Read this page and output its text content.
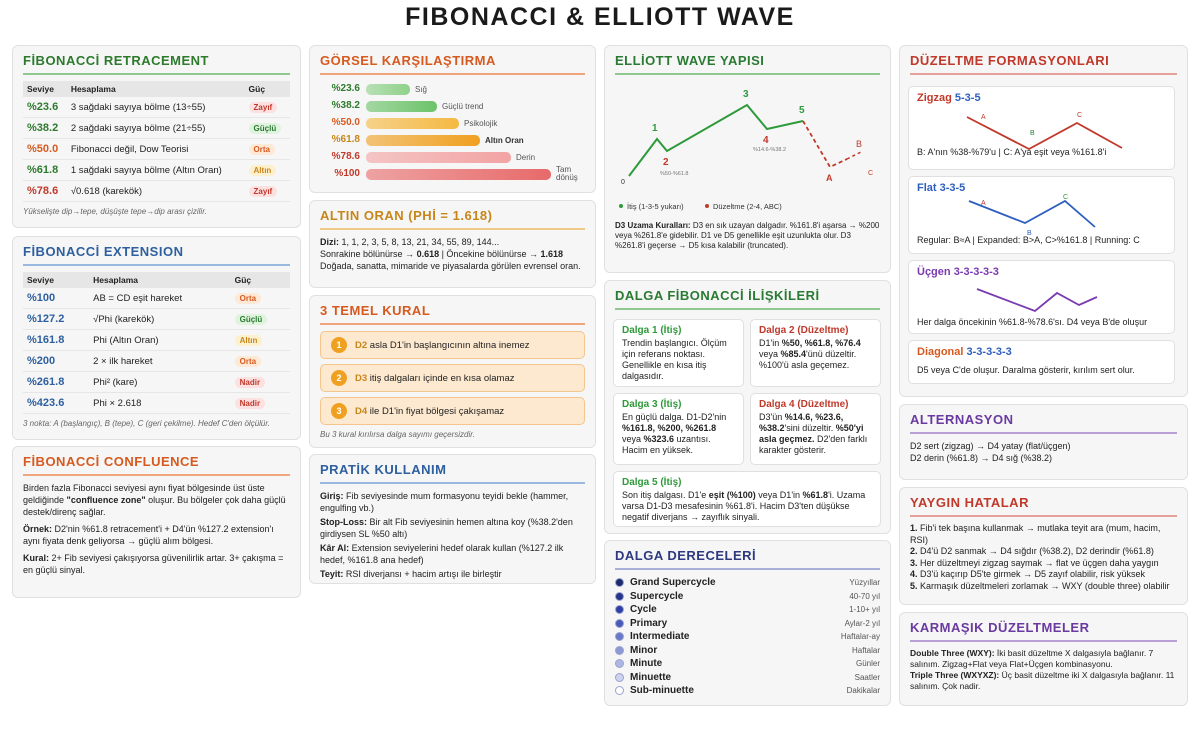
FIBONACCI & ELLIOTT WAVE
FİBONACCİ RETRACEMENT
Seviye	Hesaplama	Güç
%23.6	3 sağdaki sayıya bölme (13÷55)	Zayıf
%38.2	2 sağdaki sayıya bölme (21÷55)	Güçlü
%50.0	Fibonacci değil, Dow Teorisi	Orta
%61.8	1 sağdaki sayıya bölme (Altın Oran)	Altın
%78.6	√0.618 (karekök)	Zayıf
Yükselişte dip→tepe, düşüşte tepe→dip arası çizilir.
FİBONACCİ EXTENSION
Seviye	Hesaplama	Güç
%100	AB = CD eşit hareket	Orta
%127.2	√Phi (karekök)	Güçlü
%161.8	Phi (Altın Oran)	Altın
%200	2 × ilk hareket	Orta
%261.8	Phi² (kare)	Nadir
%423.6	Phi × 2.618	Nadir
3 nokta: A (başlangıç), B (tepe), C (geri çekilme). Hedef C'den ölçülür.
FİBONACCİ CONFLUENCE

Birden fazla Fibonacci seviyesi aynı fiyat bölgesinde üst üste geldiğinde "confluence zone" oluşur. Bu bölgeler çok daha güçlü destek/direnç sağlar.

Örnek: D2'nin %61.8 retracement'i + D4'ün %127.2 extension'ı aynı fiyata denk geliyorsa → güçlü alım bölgesi.

Kural: 2+ Fib seviyesi çakışıyorsa güvenilirlik artar. 3+ çakışma = en güçlü sinyal.

GÖRSEL KARŞILAŞTIRMA
%23.6	Sığ
%38.2	Güçlü trend
%50.0	Psikolojik
%61.8	Altın Oran
%78.6	Derin
%100	Tam dönüş
ALTIN ORAN (PHİ = 1.618)

Dizi: 1, 1, 2, 3, 5, 8, 13, 21, 34, 55, 89, 144...
Sonrakine bölünürse → 0.618 | Öncekine bölünürse → 1.618
Doğada, sanatta, mimaride ve piyasalarda görülen evrensel oran.

3 TEMEL KURAL
1	D2 asla D1'in başlangıcının altına inemez
2	D3 itiş dalgaları içinde en kısa olamaz
3	D4 ile D1'in fiyat bölgesi çakışamaz
Bu 3 kural kırılırsa dalga sayımı geçersizdir.
PRATİK KULLANIM

Giriş: Fib seviyesinde mum formasyonu teyidi bekle (hammer, engulfing vb.)

Stop-Loss: Bir alt Fib seviyesinin hemen altına koy (%38.2'den girdiysen SL %50 altı)

Kâr Al: Extension seviyelerini hedef olarak kullan (%127.2 ilk hedef, %161.8 ana hedef)

Teyit: RSI diverjansı + hacim artışı ile birleştir

ELLİOTT WAVE YAPISI
0
1
2
%50-%61.8
3
4
%14.6-%38.2
5
A
B
C
İtiş (1-3-5 yukarı)	Düzeltme (2-4, ABC)

D3 Uzama Kuralları: D3 en sık uzayan dalgadır. %161.8'i aşarsa → %200 veya %261.8'e gidebilir. D1 ve D5 genellikle eşit uzunlukta olur. D3 %261.8'i geçerse → D5 kısa kalabilir (truncated).

DALGA FİBONACCİ İLİŞKİLERİ
Dalga 1 (İtiş)
Trendin başlangıcı. Ölçüm için referans noktası. Genellikle en kısa itiş dalgasıdır.
Dalga 2 (Düzeltme)
D1'in %50, %61.8, %76.4 veya %85.4'ünü düzeltir. %100'ü asla geçemez.
Dalga 3 (İtiş)
En güçlü dalga. D1-D2'nin %161.8, %200, %261.8 veya %323.6 uzantısı. Hacim en yüksek.
Dalga 4 (Düzeltme)
D3'ün %14.6, %23.6, %38.2'sini düzeltir. %50'yi asla geçmez. D2'den farklı karakter gösterir.
Dalga 5 (İtiş)
Son itiş dalgası. D1'e eşit (%100) veya D1'in %61.8'i. Uzama varsa D1-D3 mesafesinin %61.8'i. Hacim D3'ten düşükse negatif diverjans → zayıflık sinyali.
DALGA DERECELERİ
Grand Supercycle	Yüzyıllar
Supercycle	40-70 yıl
Cycle	1-10+ yıl
Primary	Aylar-2 yıl
Intermediate	Haftalar-ay
Minor	Haftalar
Minute	Günler
Minuette	Saatler
Sub-minuette	Dakikalar
DÜZELTME FORMASYONLARI
Zigzag 5-3-5
A
B
C
B: A'nın %38-%79'u | C: A'ya eşit veya %161.8'i
Flat 3-3-5
A
B
C
Regular: B≈A | Expanded: B>A, C>%161.8 | Running: C
Üçgen 3-3-3-3-3
Her dalga öncekinin %61.8-%78.6'sı. D4 veya B'de oluşur
Diagonal 3-3-3-3-3
D5 veya C'de oluşur. Daralma gösterir, kırılım sert olur.
ALTERNASYON

D2 sert (zigzag) → D4 yatay (flat/üçgen)
D2 derin (%61.8) → D4 sığ (%38.2)

YAYGIN HATALAR

1. Fib'i tek başına kullanmak → mutlaka teyit ara (mum, hacim, RSI)
2. D4'ü D2 sanmak → D4 sığdır (%38.2), D2 derindir (%61.8)
3. Her düzeltmeyi zigzag saymak → flat ve üçgen daha yaygın
4. D3'ü kaçırıp D5'te girmek → D5 zayıf olabilir, risk yüksek
5. Karmaşık düzeltmeleri zorlamak → WXY (double three) olabilir

KARMAŞIK DÜZELTMELER

Double Three (WXY): İki basit düzeltme X dalgasıyla bağlanır. 7 salınım. Zigzag+Flat veya Flat+Üçgen kombinasyonu.
Triple Three (WXYXZ): Üç basit düzeltme iki X dalgasıyla bağlanır. 11 salınım. Çok nadir.
